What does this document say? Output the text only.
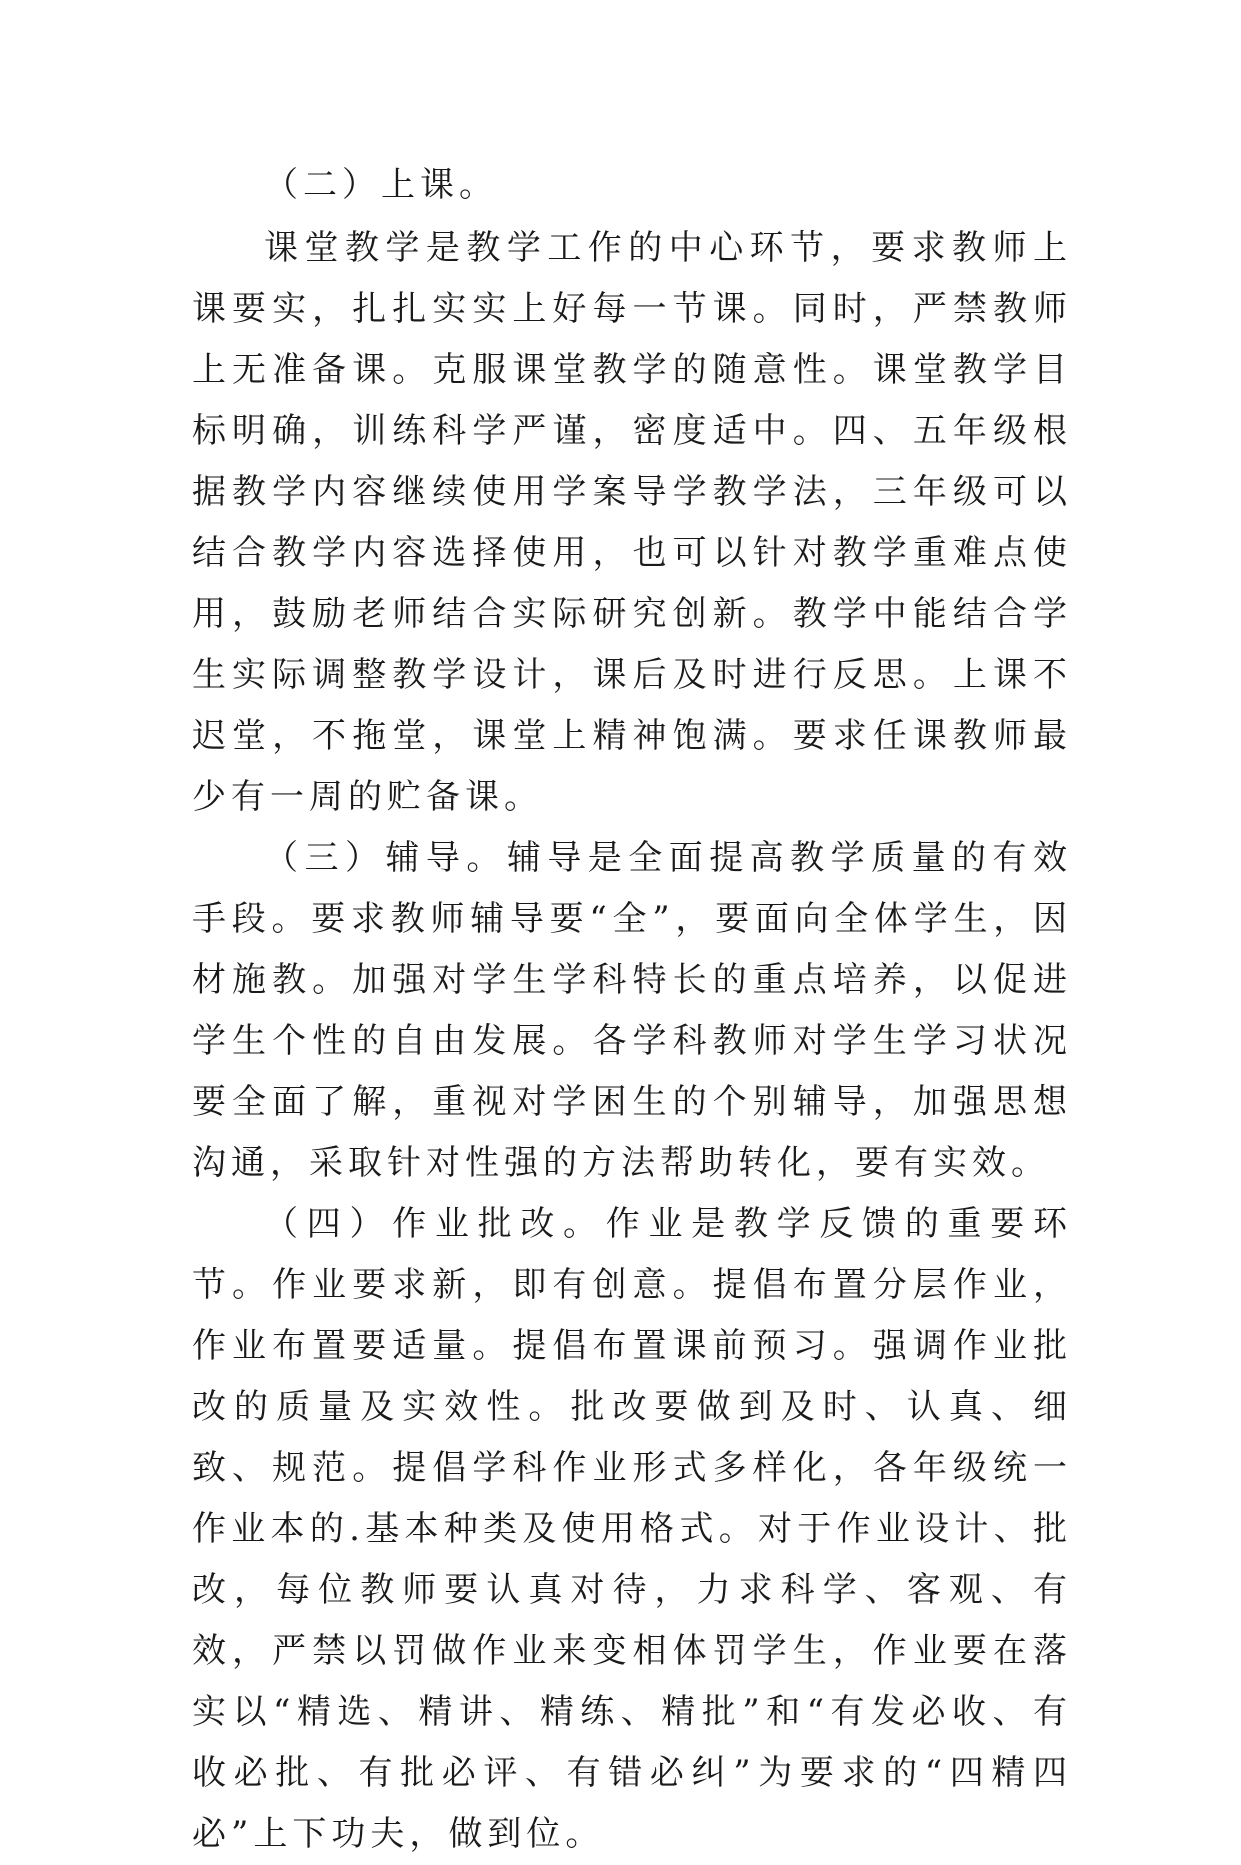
（二）上课。

课堂教学是教学工作的中心环节，要求教师上课要实，扎扎实实上好每一节课。同时，严禁教师上无准备课。克服课堂教学的随意性。课堂教学目标明确，训练科学严谨，密度适中。四、五年级根据教学内容继续使用学案导学教学法，三年级可以结合教学内容选择使用，也可以针对教学重难点使用，鼓励老师结合实际研究创新。教学中能结合学生实际调整教学设计，课后及时进行反思。上课不迟堂，不拖堂，课堂上精神饱满。要求任课教师最少有一周的贮备课。

（三）辅导。辅导是全面提高教学质量的有效手段。要求教师辅导要“全”，要面向全体学生，因材施教。加强对学生学科特长的重点培养，以促进学生个性的自由发展。各学科教师对学生学习状况要全面了解，重视对学困生的个别辅导，加强思想沟通，采取针对性强的方法帮助转化，要有实效。

（四）作业批改。作业是教学反馈的重要环节。作业要求新，即有创意。提倡布置分层作业，作业布置要适量。提倡布置课前预习。强调作业批改的质量及实效性。批改要做到及时、认真、细致、规范。提倡学科作业形式多样化，各年级统一作业本的.基本种类及使用格式。对于作业设计、批改，每位教师要认真对待，力求科学、客观、有效，严禁以罚做作业来变相体罚学生，作业要在落实以“精选、精讲、精练、精批”和“有发必收、有收必批、有批必评、有错必纠”为要求的“四精四必”上下功夫，做到位。
